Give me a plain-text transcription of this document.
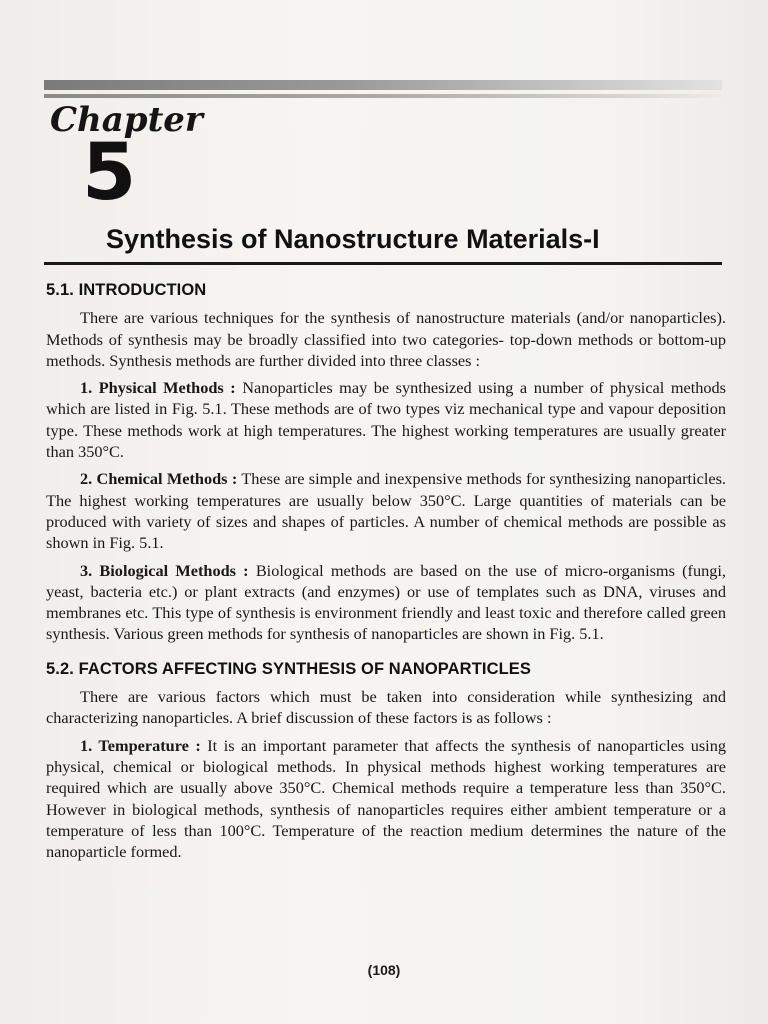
Chapter
5
Synthesis of Nanostructure Materials-I
5.1. INTRODUCTION

There are various techniques for the synthesis of nanostructure materials (and/or nanoparticles). Methods of synthesis may be broadly classified into two categories- top-down methods or bottom-up methods. Synthesis methods are further divided into three classes :

1. Physical Methods : Nanoparticles may be synthesized using a number of physical methods which are listed in Fig. 5.1. These methods are of two types viz mechanical type and vapour deposition type. These methods work at high temperatures. The highest working temperatures are usually greater than 350°C.

2. Chemical Methods : These are simple and inexpensive methods for synthesizing nanoparticles. The highest working temperatures are usually below 350°C. Large quantities of materials can be produced with variety of sizes and shapes of particles. A number of chemical methods are possible as shown in Fig. 5.1.

3. Biological Methods : Biological methods are based on the use of micro-organisms (fungi, yeast, bacteria etc.) or plant extracts (and enzymes) or use of templates such as DNA, viruses and membranes etc. This type of synthesis is environment friendly and least toxic and therefore called green synthesis. Various green methods for synthesis of nanoparticles are shown in Fig. 5.1.

5.2. FACTORS AFFECTING SYNTHESIS OF NANOPARTICLES

There are various factors which must be taken into consideration while synthesizing and characterizing nanoparticles. A brief discussion of these factors is as follows :

1. Temperature : It is an important parameter that affects the synthesis of nanoparticles using physical, chemical or biological methods. In physical methods highest working temperatures are required which are usually above 350°C. Chemical methods require a temperature less than 350°C. However in biological methods, synthesis of nanoparticles requires either ambient temperature or a temperature of less than 100°C. Temperature of the reaction medium determines the nature of the nanoparticle formed.

(108)
